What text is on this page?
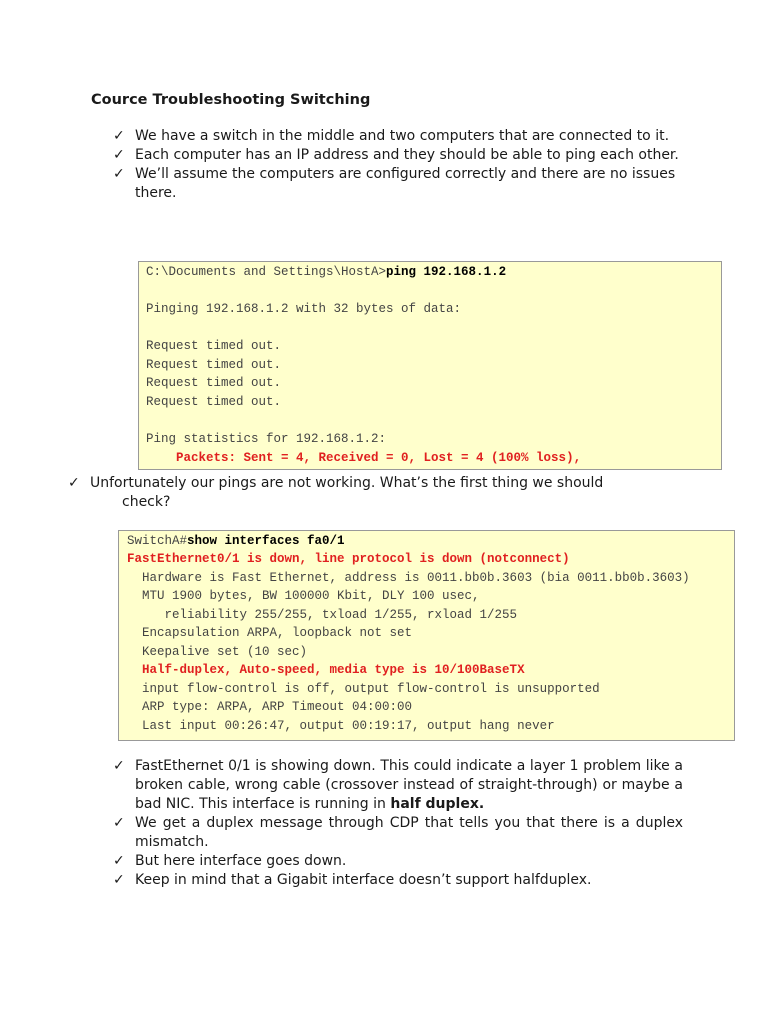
Cource Troubleshooting Switching
✓ We have a switch in the middle and two computers that are connected to it.
✓ Each computer has an IP address and they should be able to ping each other.
✓ We’ll assume the computers are configured correctly and there are no issues there.
C:\Documents and Settings\HostA>ping 192.168.1.2
Pinging 192.168.1.2 with 32 bytes of data:
Request timed out.
Request timed out.
Request timed out.
Request timed out.
Ping statistics for 192.168.1.2:
Packets: Sent = 4, Received = 0, Lost = 4 (100% loss),
✓ Unfortunately our pings are not working. What’s the first thing we should
check?
SwitchA#show interfaces fa0/1
FastEthernet0/1 is down, line protocol is down (notconnect)
Hardware is Fast Ethernet, address is 0011.bb0b.3603 (bia 0011.bb0b.3603)
MTU 1900 bytes, BW 100000 Kbit, DLY 100 usec,
reliability 255/255, txload 1/255, rxload 1/255
Encapsulation ARPA, loopback not set
Keepalive set (10 sec)
Half-duplex, Auto-speed, media type is 10/100BaseTX
input flow-control is off, output flow-control is unsupported
ARP type: ARPA, ARP Timeout 04:00:00
Last input 00:26:47, output 00:19:17, output hang never
✓ FastEthernet 0/1 is showing down. This could indicate a layer 1 problem like a broken cable, wrong cable (crossover instead of straight-through) or maybe a bad NIC. This interface is running in half duplex.
✓ We get a duplex message through CDP that tells you that there is a duplex mismatch.
✓ But here interface goes down.
✓ Keep in mind that a Gigabit interface doesn’t support halfduplex.
